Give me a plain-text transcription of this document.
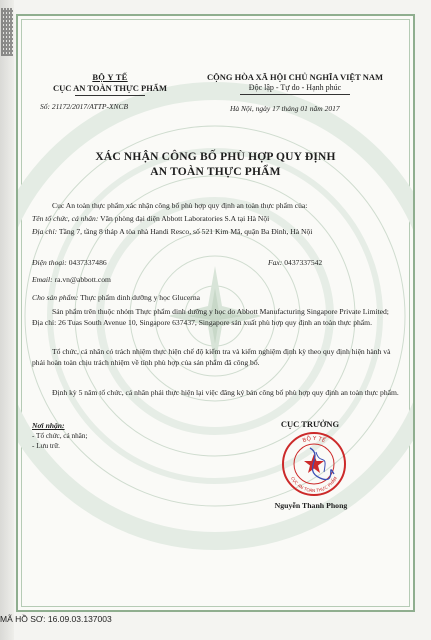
BỘ Y TẾ
CỤC AN TOÀN THỰC PHẨM
Số: 21172/2017/ATTP-XNCB
CỘNG HÒA XÃ HỘI CHỦ NGHĨA VIỆT NAM
Độc lập - Tự do - Hạnh phúc
Hà Nội, ngày 17 tháng 01 năm 2017
XÁC NHẬN CÔNG BỐ PHÙ HỢP QUY ĐỊNH
AN TOÀN THỰC PHẨM
Cục An toàn thực phẩm xác nhận công bố phù hợp quy định an toàn thực phẩm của:
Tên tổ chức, cá nhân: Văn phòng đại diện Abbott Laboratories S.A tại Hà Nội
Địa chỉ: Tầng 7, tầng 8 tháp A tòa nhà Handi Resco, số 521 Kim Mã, quận Ba Đình, Hà Nội
Điện thoại: 0437337486	Fax: 0437337542
Email: ra.vn@abbott.com
Cho sản phẩm: Thực phẩm dinh dưỡng y học Glucerna
Sản phẩm trên thuộc nhóm Thực phẩm dinh dưỡng y học do Abbott Manufacturing Singapore Private Limited; Địa chỉ: 26 Tuas South Avenue 10, Singapore 637437, Singapore sản xuất phù hợp quy định an toàn thực phẩm.
Tổ chức, cá nhân có trách nhiệm thực hiện chế độ kiểm tra và kiểm nghiệm định kỳ theo quy định hiện hành và phải hoàn toàn chịu trách nhiệm về tính phù hợp của sản phẩm đã công bố.
Định kỳ 5 năm tổ chức, cá nhân phải thực hiện lại việc đăng ký bản công bố phù hợp quy định an toàn thực phẩm.
Nơi nhận:
- Tổ chức, cá nhân;
- Lưu trữ.
CỤC TRƯỞNG
BỘ Y TẾ
CỤC AN TOÀN THỰC PHẨM
Nguyễn Thanh Phong
MÃ HỒ SƠ: 16.09.03.137003
